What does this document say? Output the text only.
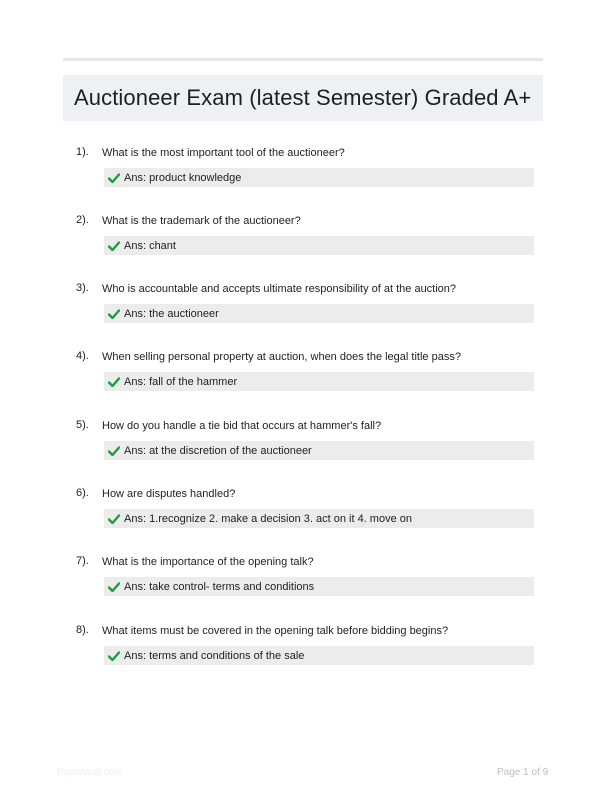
Auctioneer Exam (latest Semester) Graded A+
1). What is the most important tool of the auctioneer?
Ans: product knowledge
2). What is the trademark of the auctioneer?
Ans: chant
3). Who is accountable and accepts ultimate responsibility of at the auction?
Ans: the auctioneer
4). When selling personal property at auction, when does the legal title pass?
Ans: fall of the hammer
5). How do you handle a tie bid that occurs at hammer's fall?
Ans: at the discretion of the auctioneer
6). How are disputes handled?
Ans: 1.recognize 2. make a decision 3. act on it 4. move on
7). What is the importance of the opening talk?
Ans: take control- terms and conditions
8). What items must be covered in the opening talk before bidding begins?
Ans: terms and conditions of the sale
Paperwall.com	Page 1 of 9
